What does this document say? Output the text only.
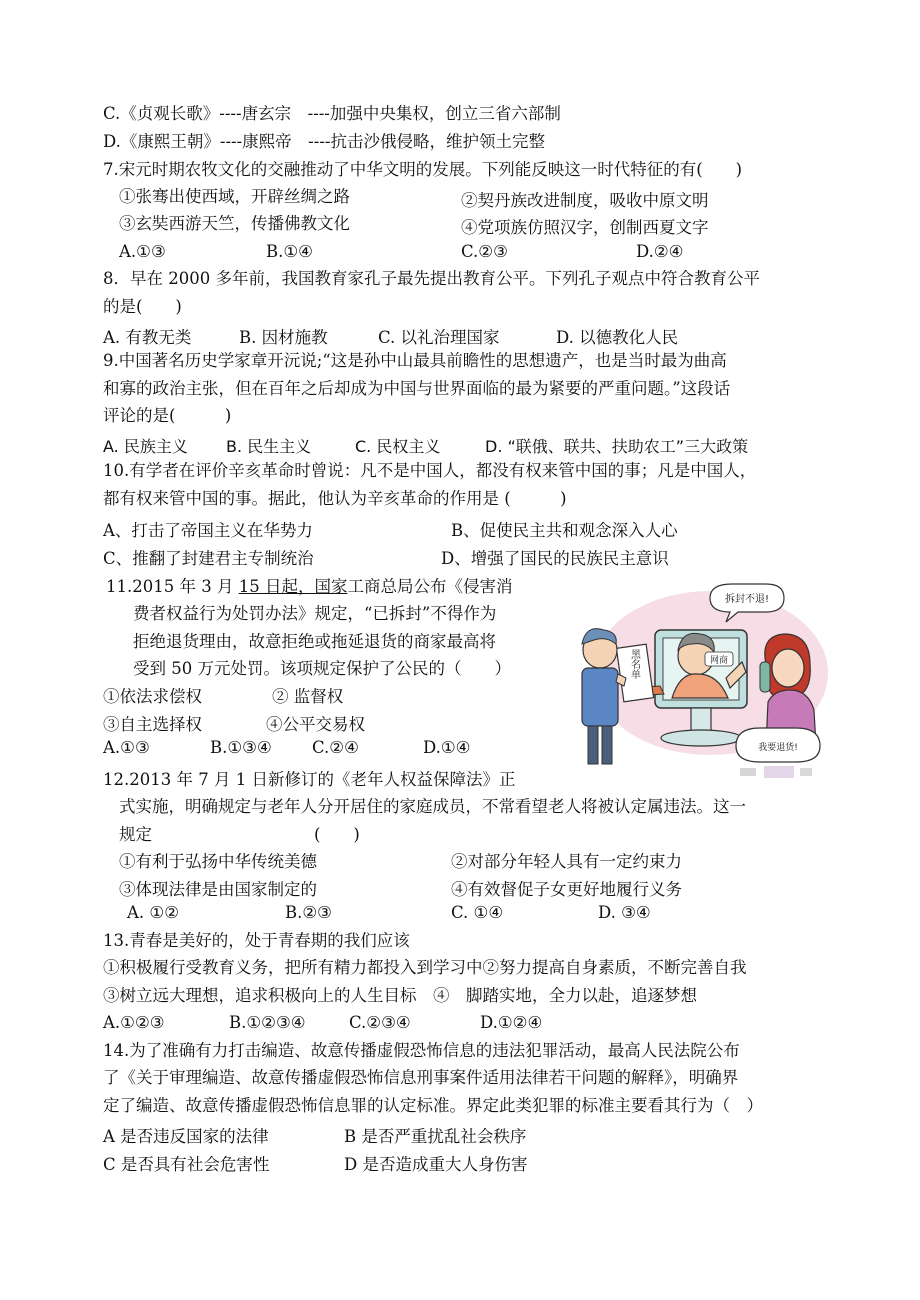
C.《贞观长歌》----唐玄宗　----加强中央集权，创立三省六部制
D.《康熙王朝》----康熙帝　----抗击沙俄侵略，维护领土完整
7.宋元时期农牧文化的交融推动了中华文明的发展。下列能反映这一时代特征的有(　　)
①张骞出使西域，开辟丝绸之路	②契丹族改进制度，吸收中原文明
③玄奘西游天竺，传播佛教文化	④党项族仿照汉字，创制西夏文字
A.①③	B.①④	C.②③	D.②④
8．早在 2000 多年前，我国教育家孔子最先提出教育公平。下列孔子观点中符合教育公平
的是(　　)
A. 有教无类	B. 因材施教	C. 以礼治理国家	D. 以德教化人民
9.中国著名历史学家章开沅说;“这是孙中山最具前瞻性的思想遗产，也是当时最为曲高
和寡的政治主张，但在百年之后却成为中国与世界面临的最为紧要的严重问题。”这段话
评论的是(　　　)
A. 民族主义 B. 民生主义	C. 民权主义	D. “联俄、联共、扶助农工”三大政策
10.有学者在评价辛亥革命时曾说：凡不是中国人，都没有权来管中国的事；凡是中国人，
都有权来管中国的事。据此，他认为辛亥革命的作用是 (　　　)
A、打击了帝国主义在华势力	B、促使民主共和观念深入人心
C、推翻了封建君主专制统治	D、增强了国民的民族民主意识
11.2015 年 3 月 15 日起，国家工商总局公布《侵害消
费者权益行为处罚办法》规定，“已拆封”不得作为
拒绝退货理由，故意拒绝或拖延退货的商家最高将
受到 50 万元处罚。该项规定保护了公民的（　　）
①依法求偿权	② 监督权
③自主选择权	④公平交易权
A.①③	B.①③④ C.②④	D.①④
网商
拆封不退!
黑名单
我要退货!
12.2013 年 7 月 1 日新修订的《老年人权益保障法》正
式实施，明确规定与老年人分开居住的家庭成员，不常看望老人将被认定属违法。这一
规定	(　　)
①有利于弘扬中华传统美德	②对部分年轻人具有一定约束力
③体现法律是由国家制定的	④有效督促子女更好地履行义务
A. ①②	B.②③	C. ①④	D. ③④
13.青春是美好的，处于青春期的我们应该
①积极履行受教育义务，把所有精力都投入到学习中②努力提高自身素质，不断完善自我
③树立远大理想，追求积极向上的人生目标　④　脚踏实地，全力以赴，追逐梦想
A.①②③	B.①②③④	C.②③④	D.①②④
14.为了准确有力打击编造、故意传播虚假恐怖信息的违法犯罪活动，最高人民法院公布
了《关于审理编造、故意传播虚假恐怖信息刑事案件适用法律若干问题的解释》，明确界
定了编造、故意传播虚假恐怖信息罪的认定标准。界定此类犯罪的标准主要看其行为（　）
A 是否违反国家的法律	B 是否严重扰乱社会秩序
C 是否具有社会危害性	D 是否造成重大人身伤害
